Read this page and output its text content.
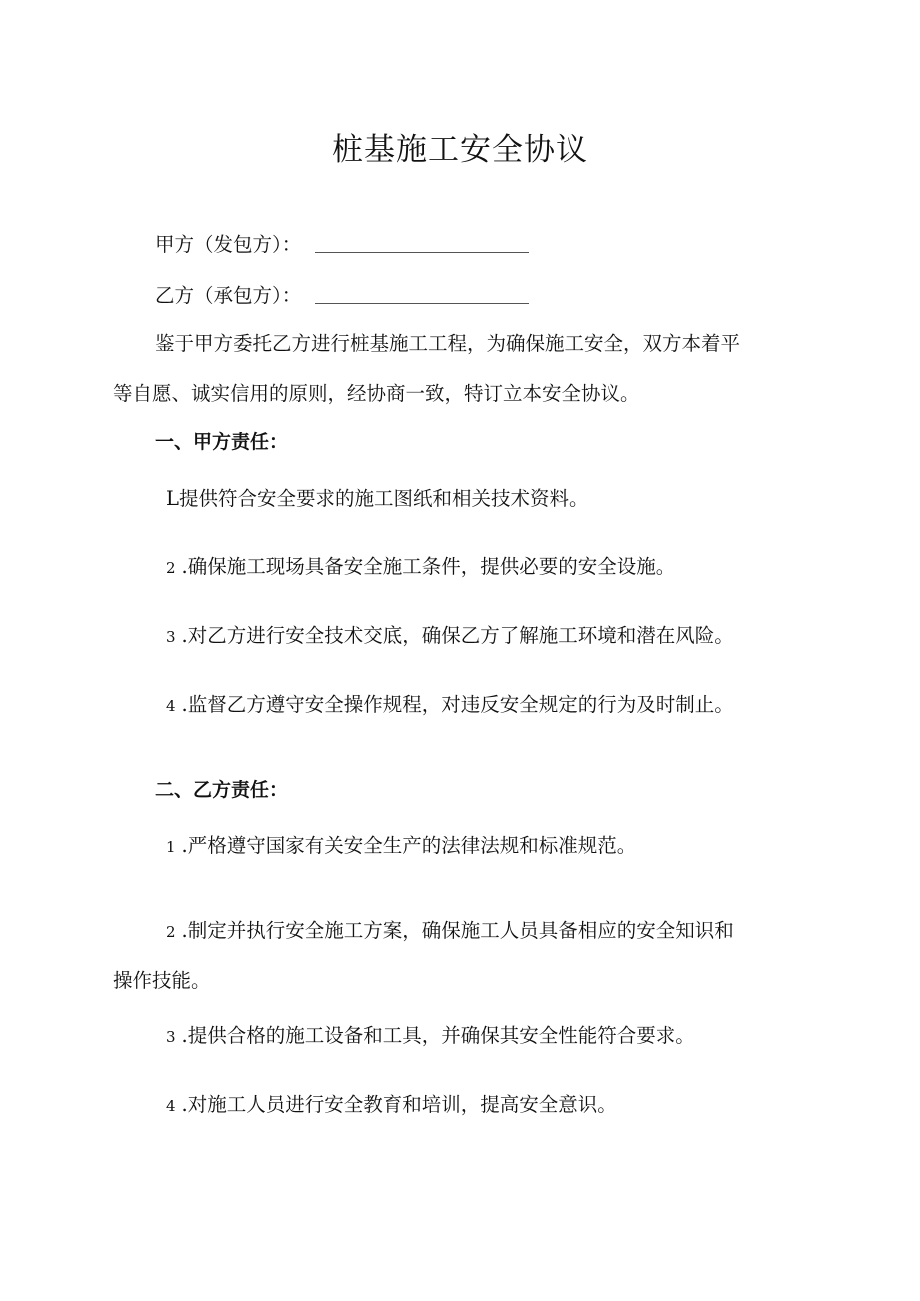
桩基施工安全协议
甲方（发包方）：
乙方（承包方）：
鉴于甲方委托乙方进行桩基施工工程，为确保施工安全，双方本着平
等自愿、诚实信用的原则，经协商一致，特订立本安全协议。
一、甲方责任：
L提供符合安全要求的施工图纸和相关技术资料。
2 .确保施工现场具备安全施工条件，提供必要的安全设施。
3 .对乙方进行安全技术交底，确保乙方了解施工环境和潜在风险。
4 .监督乙方遵守安全操作规程，对违反安全规定的行为及时制止。
二、乙方责任：
1 .严格遵守国家有关安全生产的法律法规和标准规范。
2 .制定并执行安全施工方案，确保施工人员具备相应的安全知识和
操作技能。
3 .提供合格的施工设备和工具，并确保其安全性能符合要求。
4 .对施工人员进行安全教育和培训，提高安全意识。
